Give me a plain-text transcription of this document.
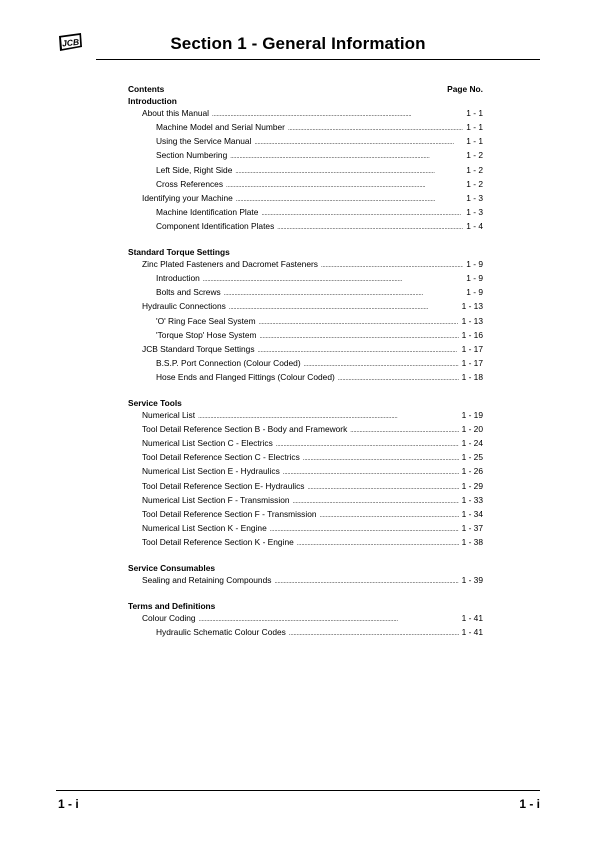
JCB	Section 1 - General Information
Contents	Page No.
Introduction
About this Manual . . .	1 - 1
Machine Model and Serial Number . . .	1 - 1
Using the Service Manual . . .	1 - 1
Section Numbering . . .	1 - 2
Left Side, Right Side . . .	1 - 2
Cross References . . .	1 - 2
Identifying your Machine . . .	1 - 3
Machine Identification Plate . . .	1 - 3
Component Identification Plates . . .	1 - 4
Standard Torque Settings
Zinc Plated Fasteners and Dacromet Fasteners . . .	1 - 9
Introduction . . .	1 - 9
Bolts and Screws . . .	1 - 9
Hydraulic Connections . . .	1 - 13
'O' Ring Face Seal System . . .	1 - 13
'Torque Stop' Hose System . . .	1 - 16
JCB Standard Torque Settings . . .	1 - 17
B.S.P. Port Connection (Colour Coded) . . .	1 - 17
Hose Ends and Flanged Fittings (Colour Coded) . . .	1 - 18
Service Tools
Numerical List . . .	1 - 19
Tool Detail Reference Section B - Body and Framework . . .	1 - 20
Numerical List Section C - Electrics . . .	1 - 24
Tool Detail Reference Section C - Electrics . . .	1 - 25
Numerical List Section E - Hydraulics . . .	1 - 26
Tool Detail Reference Section E- Hydraulics . . .	1 - 29
Numerical List Section F - Transmission . . .	1 - 33
Tool Detail Reference Section F - Transmission . . .	1 - 34
Numerical List Section K - Engine . . .	1 - 37
Tool Detail Reference Section K - Engine . . .	1 - 38
Service Consumables
Sealing and Retaining Compounds . . .	1 - 39
Terms and Definitions
Colour Coding . . .	1 - 41
Hydraulic Schematic Colour Codes . . .	1 - 41
1 - i	1 - i
